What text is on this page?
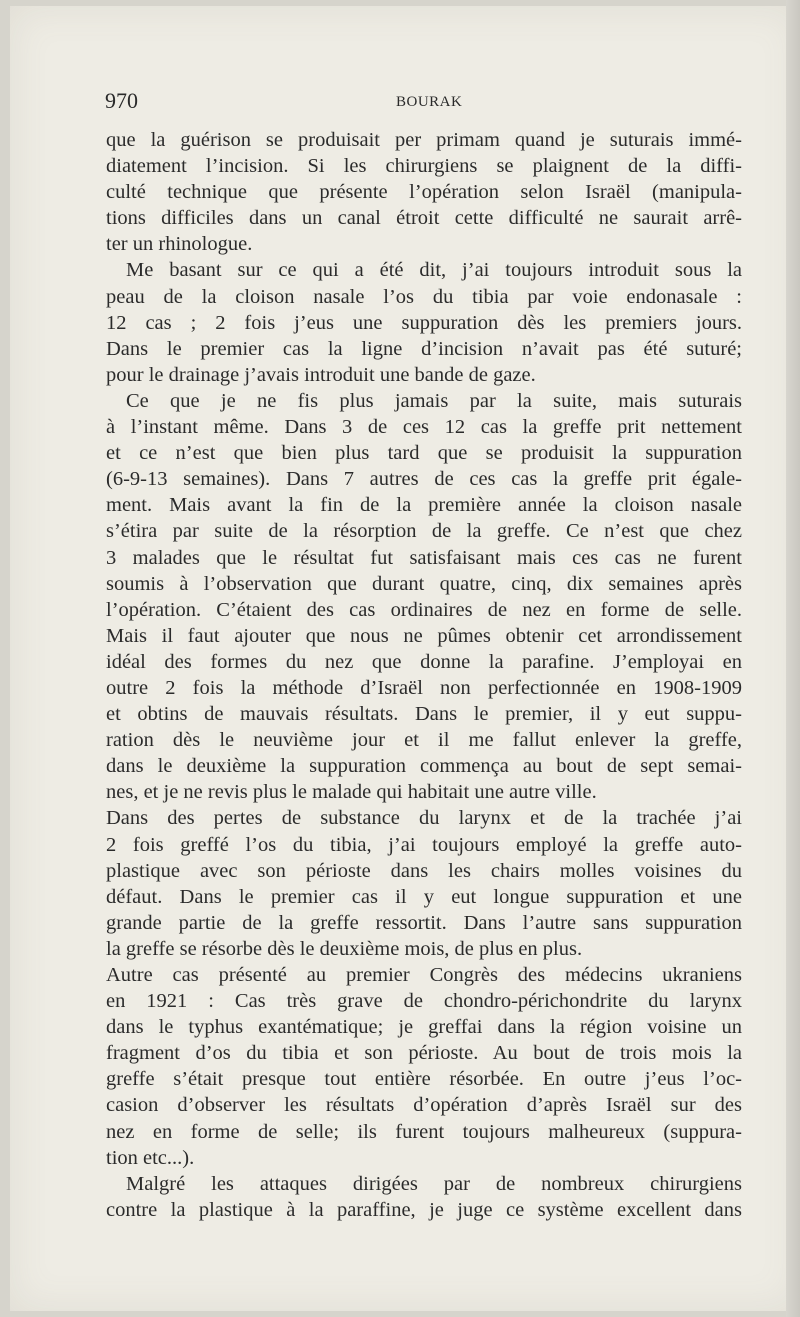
970	BOURAK
que la guérison se produisait per primam quand je suturais immé-
diatement l’incision. Si les chirurgiens se plaignent de la diffi-
culté technique que présente l’opération selon Israël (manipula-
tions difficiles dans un canal étroit cette difficulté ne saurait arrê-
ter un rhinologue.
Me basant sur ce qui a été dit, j’ai toujours introduit sous la
peau de la cloison nasale l’os du tibia par voie endonasale :
12 cas ; 2 fois j’eus une suppuration dès les premiers jours.
Dans le premier cas la ligne d’incision n’avait pas été suturé;
pour le drainage j’avais introduit une bande de gaze.
Ce que je ne fis plus jamais par la suite, mais suturais
à l’instant même. Dans 3 de ces 12 cas la greffe prit nettement
et ce n’est que bien plus tard que se produisit la suppuration
(6-9-13 semaines). Dans 7 autres de ces cas la greffe prit égale-
ment. Mais avant la fin de la première année la cloison nasale
s’étira par suite de la résorption de la greffe. Ce n’est que chez
3 malades que le résultat fut satisfaisant mais ces cas ne furent
soumis à l’observation que durant quatre, cinq, dix semaines après
l’opération. C’étaient des cas ordinaires de nez en forme de selle.
Mais il faut ajouter que nous ne pûmes obtenir cet arrondissement
idéal des formes du nez que donne la parafine. J’employai en
outre 2 fois la méthode d’Israël non perfectionnée en 1908-1909
et obtins de mauvais résultats. Dans le premier, il y eut suppu-
ration dès le neuvième jour et il me fallut enlever la greffe,
dans le deuxième la suppuration commença au bout de sept semai-
nes, et je ne revis plus le malade qui habitait une autre ville.
Dans des pertes de substance du larynx et de la trachée j’ai
2 fois greffé l’os du tibia, j’ai toujours employé la greffe auto-
plastique avec son périoste dans les chairs molles voisines du
défaut. Dans le premier cas il y eut longue suppuration et une
grande partie de la greffe ressortit. Dans l’autre sans suppuration
la greffe se résorbe dès le deuxième mois, de plus en plus.
Autre cas présenté au premier Congrès des médecins ukraniens
en 1921 : Cas très grave de chondro-périchondrite du larynx
dans le typhus exantématique; je greffai dans la région voisine un
fragment d’os du tibia et son périoste. Au bout de trois mois la
greffe s’était presque tout entière résorbée. En outre j’eus l’oc-
casion d’observer les résultats d’opération d’après Israël sur des
nez en forme de selle; ils furent toujours malheureux (suppura-
tion etc...).
Malgré les attaques dirigées par de nombreux chirurgiens
contre la plastique à la paraffine, je juge ce système excellent dans
